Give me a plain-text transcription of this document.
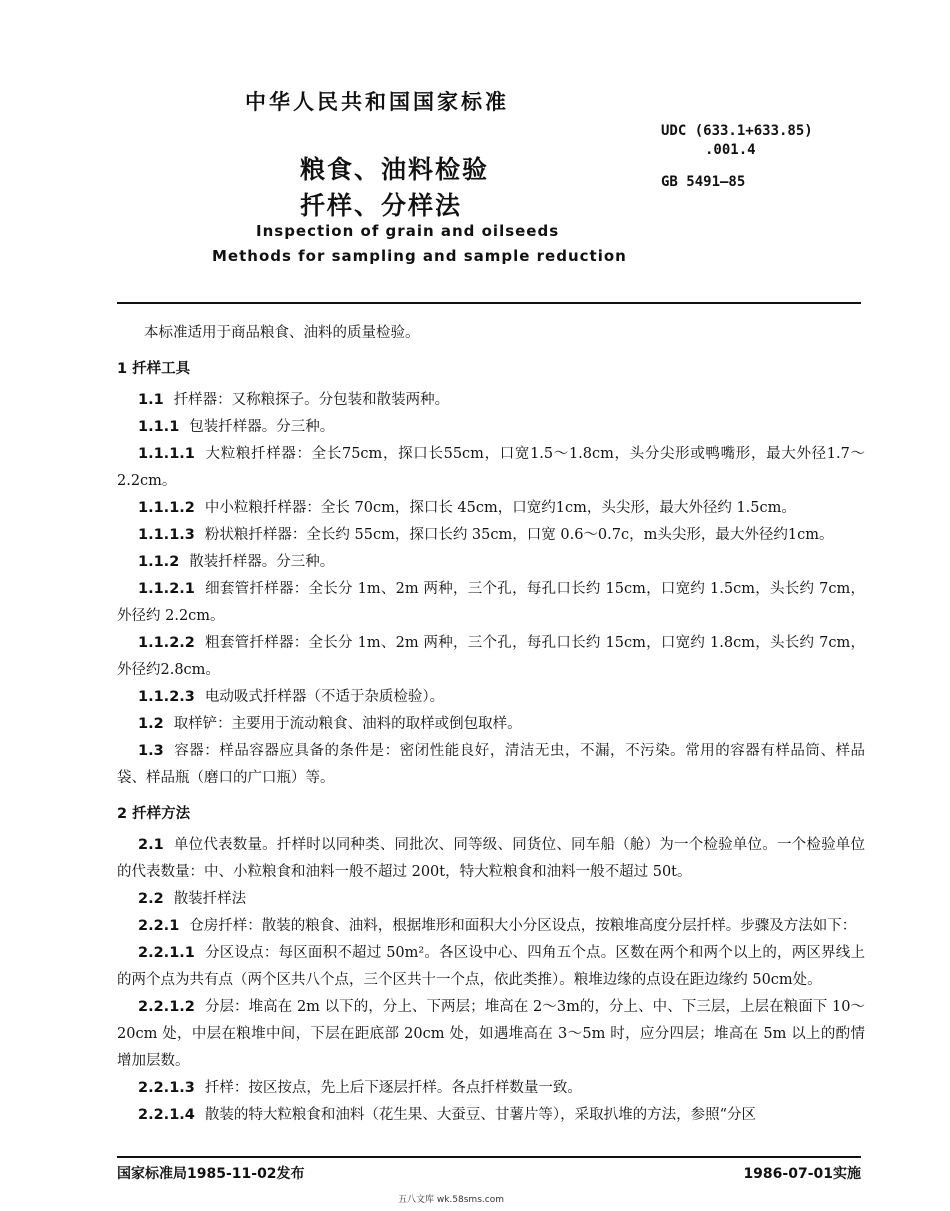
中华人民共和国国家标准
粮食、油料检验
扦样、分样法
Inspection of grain and oilseeds
Methods for sampling and sample reduction
UDC (633.1+633.85)
.001.4
GB 5491—85

本标准适用于商品粮食、油料的质量检验。

1 扦样工具

1.1 扦样器：又称粮探子。分包装和散装两种。

1.1.1 包装扦样器。分三种。

1.1.1.1 大粒粮扦样器：全长75cm，探口长55cm，口宽1.5～1.8cm，头分尖形或鸭嘴形，最大外径1.7～2.2cm。

1.1.1.2 中小粒粮扦样器：全长 70cm，探口长 45cm，口宽约1cm，头尖形，最大外径约 1.5cm。

1.1.1.3 粉状粮扦样器：全长约 55cm，探口长约 35cm，口宽 0.6～0.7c，m头尖形，最大外径约1cm。

1.1.2 散装扦样器。分三种。

1.1.2.1 细套管扦样器：全长分 1m、2m 两种，三个孔，每孔口长约 15cm，口宽约 1.5cm，头长约 7cm，外径约 2.2cm。

1.1.2.2 粗套管扦样器：全长分 1m、2m 两种，三个孔，每孔口长约 15cm，口宽约 1.8cm，头长约 7cm，外径约2.8cm。

1.1.2.3 电动吸式扦样器（不适于杂质检验）。

1.2 取样铲：主要用于流动粮食、油料的取样或倒包取样。

1.3 容器：样品容器应具备的条件是：密闭性能良好，清洁无虫，不漏，不污染。常用的容器有样品筒、样品袋、样品瓶（磨口的广口瓶）等。

2 扦样方法

2.1 单位代表数量。扦样时以同种类、同批次、同等级、同货位、同车船（舱）为一个检验单位。一个检验单位的代表数量：中、小粒粮食和油料一般不超过 200t，特大粒粮食和油料一般不超过 50t。

2.2 散装扦样法

2.2.1 仓房扦样：散装的粮食、油料，根据堆形和面积大小分区设点，按粮堆高度分层扦样。步骤及方法如下：

2.2.1.1 分区设点：每区面积不超过 50m²。各区设中心、四角五个点。区数在两个和两个以上的，两区界线上的两个点为共有点（两个区共八个点，三个区共十一个点，依此类推）。粮堆边缘的点设在距边缘约 50cm处。

2.2.1.2 分层：堆高在 2m 以下的，分上、下两层；堆高在 2～3m的，分上、中、下三层，上层在粮面下 10～20cm 处，中层在粮堆中间，下层在距底部 20cm 处，如遇堆高在 3～5m 时，应分四层；堆高在 5m 以上的酌情增加层数。

2.2.1.3 扦样：按区按点，先上后下逐层扦样。各点扦样数量一致。

2.2.1.4 散装的特大粒粮食和油料（花生果、大蚕豆、甘薯片等），采取扒堆的方法，参照“分区

国家标准局1985-11-02发布	1986-07-01实施
五八文库 wk.58sms.com
